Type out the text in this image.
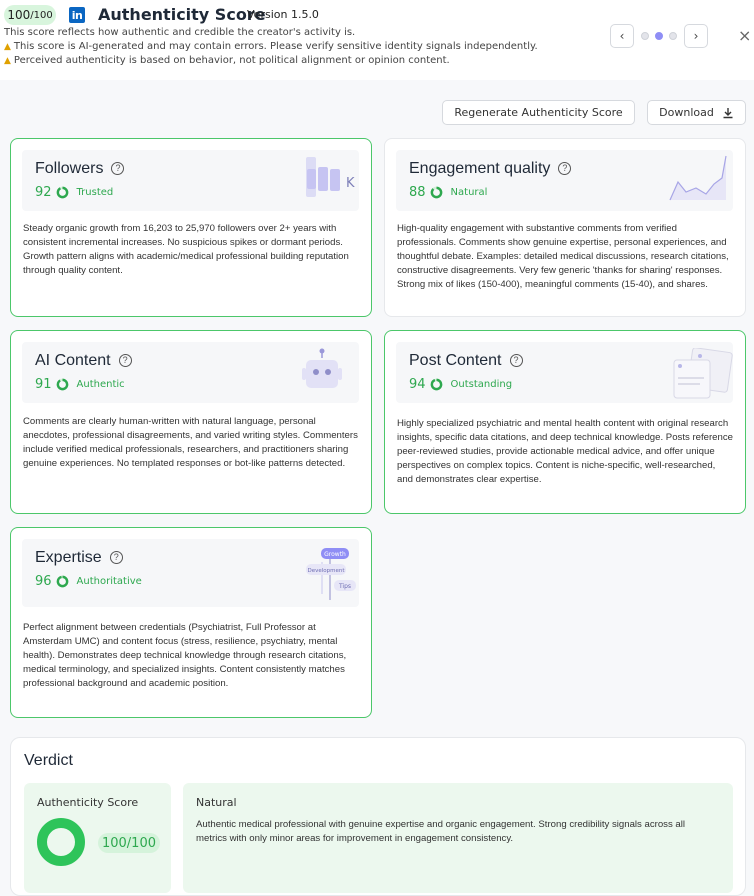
100 /100 in Authenticity Score
Version 1.5.0
This score reflects how authentic and credible the creator's activity is.
▲ This score is AI-generated and may contain errors. Please verify sensitive identity signals independently.
▲ Perceived authenticity is based on behavior, not political alignment or opinion content.
‹	› ×
Regenerate Authenticity Score	Download
Followers ?
92	Trusted
K
Steady organic growth from 16,203 to 25,970 followers over 2+ years with consistent incremental increases. No suspicious spikes or dormant periods. Growth pattern aligns with academic/medical professional building reputation through quality content.
Engagement quality ?
88	Natural
High-quality engagement with substantive comments from verified professionals. Comments show genuine expertise, personal experiences, and thoughtful debate. Examples: detailed medical discussions, research citations, constructive disagreements. Very few generic 'thanks for sharing' responses. Strong mix of likes (150-400), meaningful comments (15-40), and shares.
AI Content ?
91	Authentic
Comments are clearly human-written with natural language, personal anecdotes, professional disagreements, and varied writing styles. Commenters include verified medical professionals, researchers, and practitioners sharing genuine experiences. No templated responses or bot-like patterns detected.
Post Content ?
94	Outstanding
Highly specialized psychiatric and mental health content with original research insights, specific data citations, and deep technical knowledge. Posts reference peer-reviewed studies, provide actionable medical advice, and offer unique perspectives on complex topics. Content is niche-specific, well-researched, and demonstrates clear expertise.
Expertise ?
96	Authoritative
Growth
Development
Tips
Perfect alignment between credentials (Psychiatrist, Full Professor at Amsterdam UMC) and content focus (stress, resilience, psychiatry, mental health). Demonstrates deep technical knowledge through research citations, medical terminology, and specialized insights. Content consistently matches professional background and academic position.
Verdict
Authenticity Score
100/100
Natural
Authentic medical professional with genuine expertise and organic engagement. Strong credibility signals across all metrics with only minor areas for improvement in engagement consistency.
